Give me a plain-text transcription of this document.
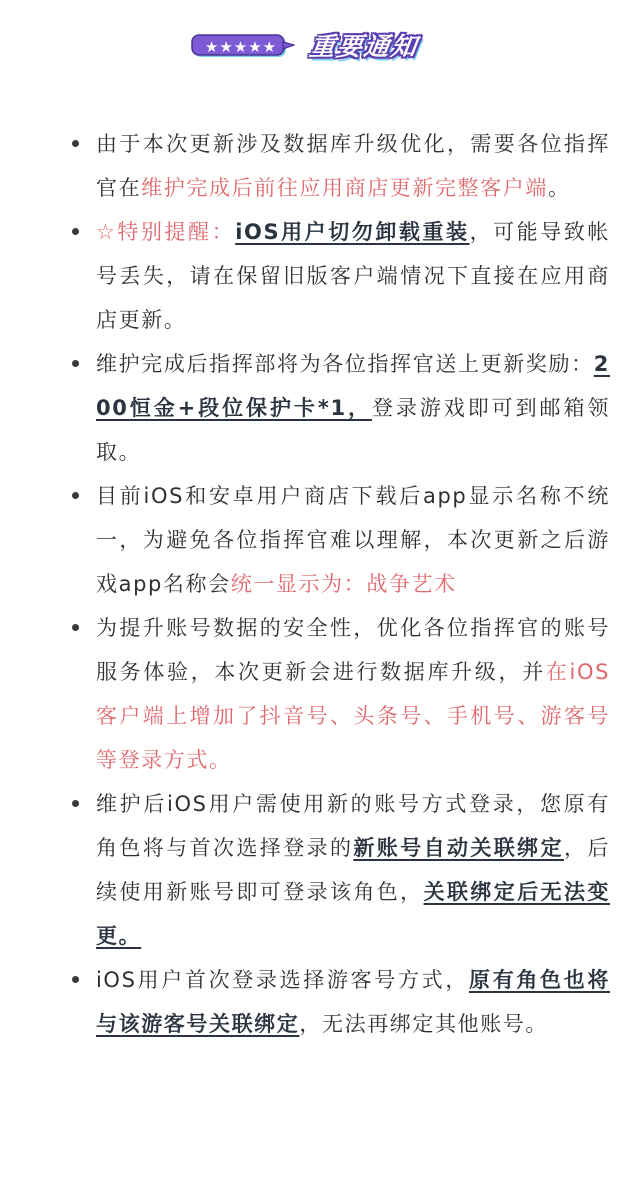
★★★★★	重要通知
由于本次更新涉及数据库升级优化，需要各位指挥官在维护完成后前往应用商店更新完整客户端。
☆特别提醒：iOS用户切勿卸载重装，可能导致帐号丢失，请在保留旧版客户端情况下直接在应用商店更新。
维护完成后指挥部将为各位指挥官送上更新奖励：200恒金+段位保护卡*1，登录游戏即可到邮箱领取。
目前iOS和安卓用户商店下载后app显示名称不统一，为避免各位指挥官难以理解，本次更新之后游戏app名称会统一显示为：战争艺术
为提升账号数据的安全性，优化各位指挥官的账号服务体验，本次更新会进行数据库升级，并在iOS客户端上增加了抖音号、头条号、手机号、游客号等登录方式。
维护后iOS用户需使用新的账号方式登录，您原有角色将与首次选择登录的新账号自动关联绑定，后续使用新账号即可登录该角色，关联绑定后无法变更。
iOS用户首次登录选择游客号方式，原有角色也将与该游客号关联绑定，无法再绑定其他账号。
